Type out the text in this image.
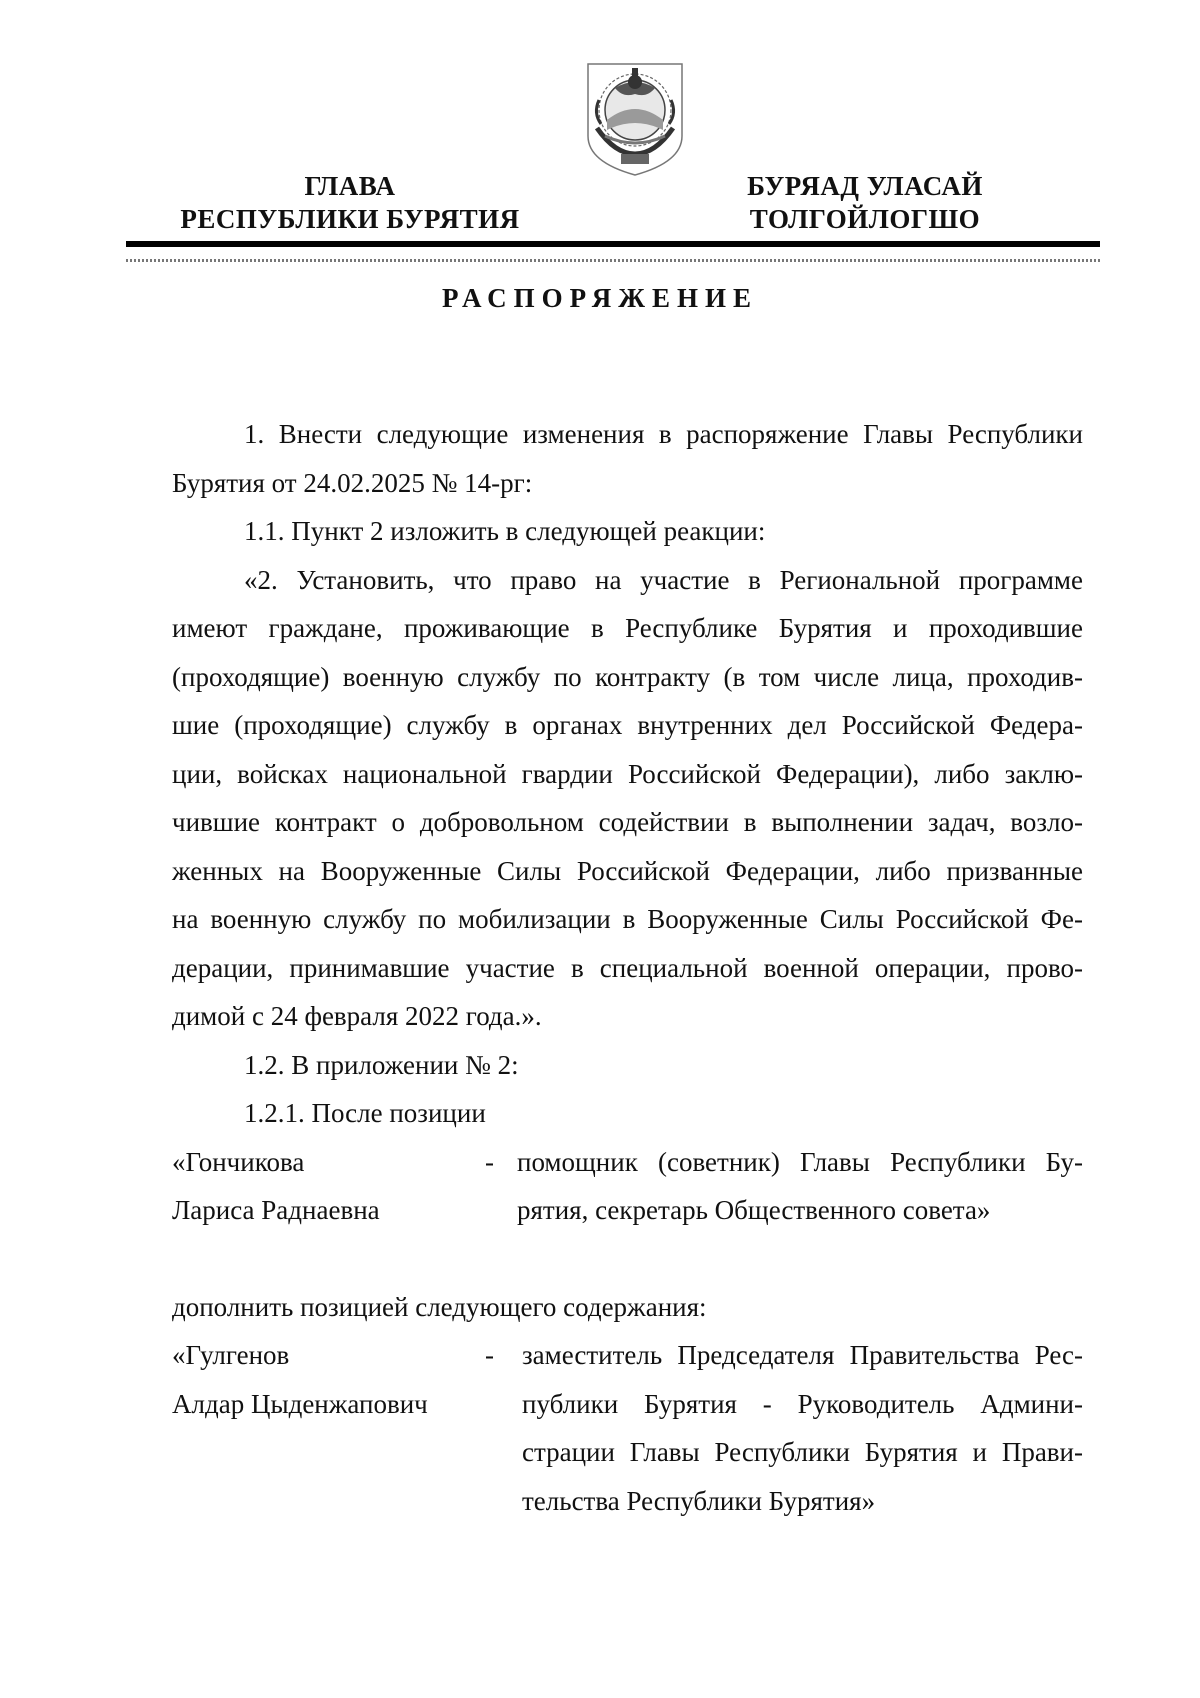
ГЛАВА
РЕСПУБЛИКИ БУРЯТИЯ
БУРЯАД УЛАСАЙ
ТОЛГОЙЛОГШО
РАСПОРЯЖЕНИЕ

1. Внести следующие изменения в распоряжение Главы Республики

Бурятия от 24.02.2025 № 14-рг:

1.1. Пункт 2 изложить в следующей реакции:

«2. Установить, что право на участие в Региональной программе

имеют граждане, проживающие в Республике Бурятия и проходившие

(проходящие) военную службу по контракту (в том числе лица, проходив-

шие (проходящие) службу в органах внутренних дел Российской Федера-

ции, войсках национальной гвардии Российской Федерации), либо заклю-

чившие контракт о добровольном содействии в выполнении задач, возло-

женных на Вооруженные Силы Российской Федерации, либо призванные

на военную службу по мобилизации в Вооруженные Силы Российской Фе-

дерации, принимавшие участие в специальной военной операции, прово-

димой с 24 февраля 2022 года.».

1.2. В приложении № 2:

1.2.1. После позиции

«Гончикова
Лариса Раднаевна
- помощник (советник) Главы Республики Бу-
рятия, секретарь Общественного совета»

дополнить позицией следующего содержания:

«Гулгенов
Алдар Цыденжапович
- заместитель Председателя Правительства Рес-
публики Бурятия - Руководитель Админи-
страции Главы Республики Бурятия и Прави-
тельства Республики Бурятия»
